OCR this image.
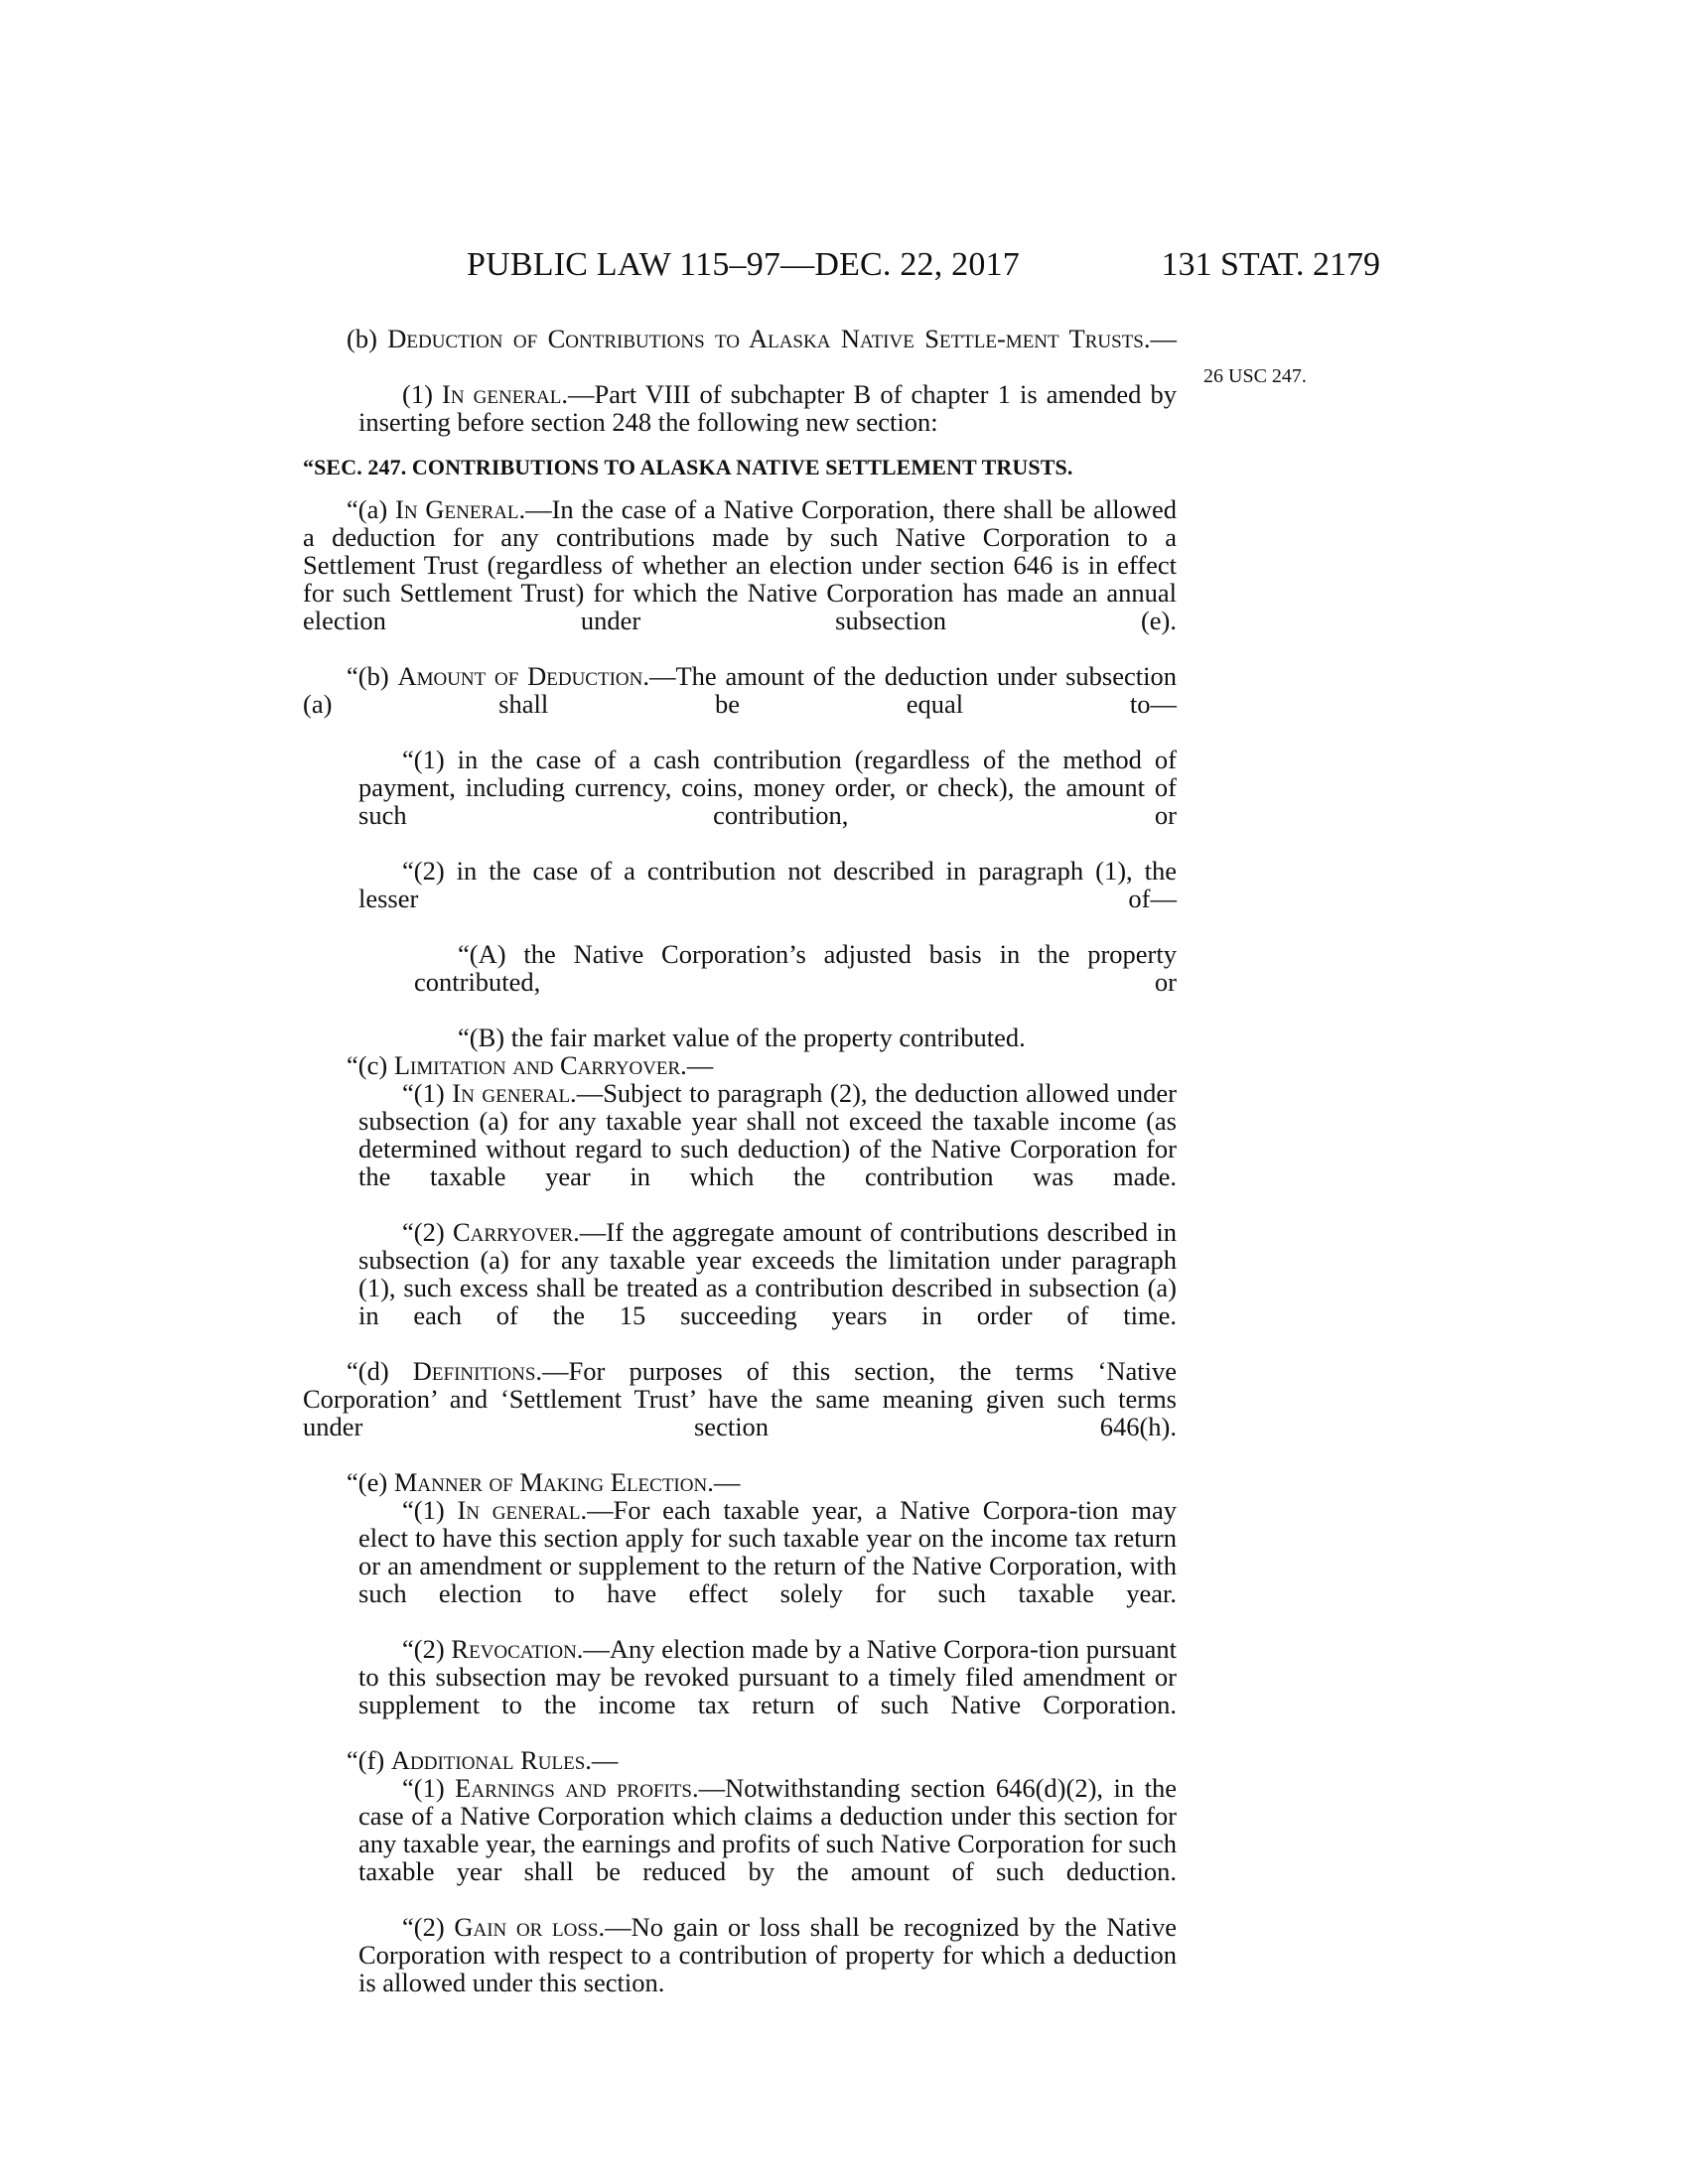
PUBLIC LAW 115–97—DEC. 22, 2017	131 STAT. 2179
26 USC 247.

(b) Deduction of Contributions to Alaska Native Settle-ment Trusts.—

(1) In general.—Part VIII of subchapter B of chapter 1 is amended by inserting before section 248 the following new section:

“SEC. 247. CONTRIBUTIONS TO ALASKA NATIVE SETTLEMENT TRUSTS.

“(a) In General.—In the case of a Native Corporation, there shall be allowed a deduction for any contributions made by such Native Corporation to a Settlement Trust (regardless of whether an election under section 646 is in effect for such Settlement Trust) for which the Native Corporation has made an annual election under subsection (e).

“(b) Amount of Deduction.—The amount of the deduction under subsection (a) shall be equal to—

“(1) in the case of a cash contribution (regardless of the method of payment, including currency, coins, money order, or check), the amount of such contribution, or

“(2) in the case of a contribution not described in paragraph (1), the lesser of—

“(A) the Native Corporation’s adjusted basis in the property contributed, or

“(B) the fair market value of the property contributed.

“(c) Limitation and Carryover.—

“(1) In general.—Subject to paragraph (2), the deduction allowed under subsection (a) for any taxable year shall not exceed the taxable income (as determined without regard to such deduction) of the Native Corporation for the taxable year in which the contribution was made.

“(2) Carryover.—If the aggregate amount of contributions described in subsection (a) for any taxable year exceeds the limitation under paragraph (1), such excess shall be treated as a contribution described in subsection (a) in each of the 15 succeeding years in order of time.

“(d) Definitions.—For purposes of this section, the terms ‘Native Corporation’ and ‘Settlement Trust’ have the same meaning given such terms under section 646(h).

“(e) Manner of Making Election.—

“(1) In general.—For each taxable year, a Native Corpora-tion may elect to have this section apply for such taxable year on the income tax return or an amendment or supplement to the return of the Native Corporation, with such election to have effect solely for such taxable year.

“(2) Revocation.—Any election made by a Native Corpora-tion pursuant to this subsection may be revoked pursuant to a timely filed amendment or supplement to the income tax return of such Native Corporation.

“(f) Additional Rules.—

“(1) Earnings and profits.—Notwithstanding section 646(d)(2), in the case of a Native Corporation which claims a deduction under this section for any taxable year, the earnings and profits of such Native Corporation for such taxable year shall be reduced by the amount of such deduction.

“(2) Gain or loss.—No gain or loss shall be recognized by the Native Corporation with respect to a contribution of property for which a deduction is allowed under this section.
